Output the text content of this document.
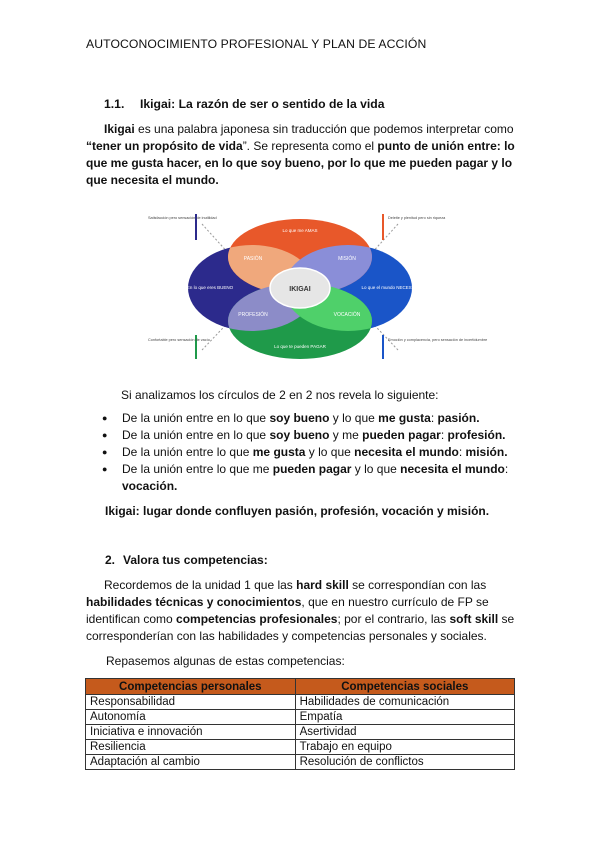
AUTOCONOCIMIENTO PROFESIONAL Y PLAN DE ACCIÓN
1.1. Ikigai: La razón de ser o sentido de la vida
Ikigai es una palabra japonesa sin traducción que podemos interpretar como “tener un propósito de vida”. Se representa como el punto de unión entre: lo que me gusta hacer, en lo que soy bueno, por lo que me pueden pagar y lo que necesita el mundo.
IKIGAI
Lo que me AMAS
Lo que te pueden PAGAR
En lo que eres BUENO	Lo que el mundo NECESITA
PASIÓN	MISIÓN
PROFESIÓN	VOCACIÓN
Satisfacción pero sensación de inutilidad	Deleite y plenitud pero sin riqueza
Confortable pero sensación de vacío	Emoción y complacencia, pero sensación de incertidumbre
Si analizamos los círculos de 2 en 2 nos revela lo siguiente:
● De la unión entre en lo que soy bueno y lo que me gusta: pasión.
● De la unión entre en lo que soy bueno y me pueden pagar: profesión.
● De la unión entre lo que me gusta y lo que necesita el mundo: misión.
● De la unión entre lo que me pueden pagar y lo que necesita el mundo: vocación.
Ikigai: lugar donde confluyen pasión, profesión, vocación y misión.
2. Valora tus competencias:
Recordemos de la unidad 1 que las hard skill se correspondían con las habilidades técnicas y conocimientos, que en nuestro currículo de FP se identifican como competencias profesionales; por el contrario, las soft skill se corresponderían con las habilidades y competencias personales y sociales.
Repasemos algunas de estas competencias:
Competencias personales	Competencias sociales
Responsabilidad	Habilidades de comunicación
Autonomía	Empatía
Iniciativa e innovación	Asertividad
Resiliencia	Trabajo en equipo
Adaptación al cambio	Resolución de conflictos
